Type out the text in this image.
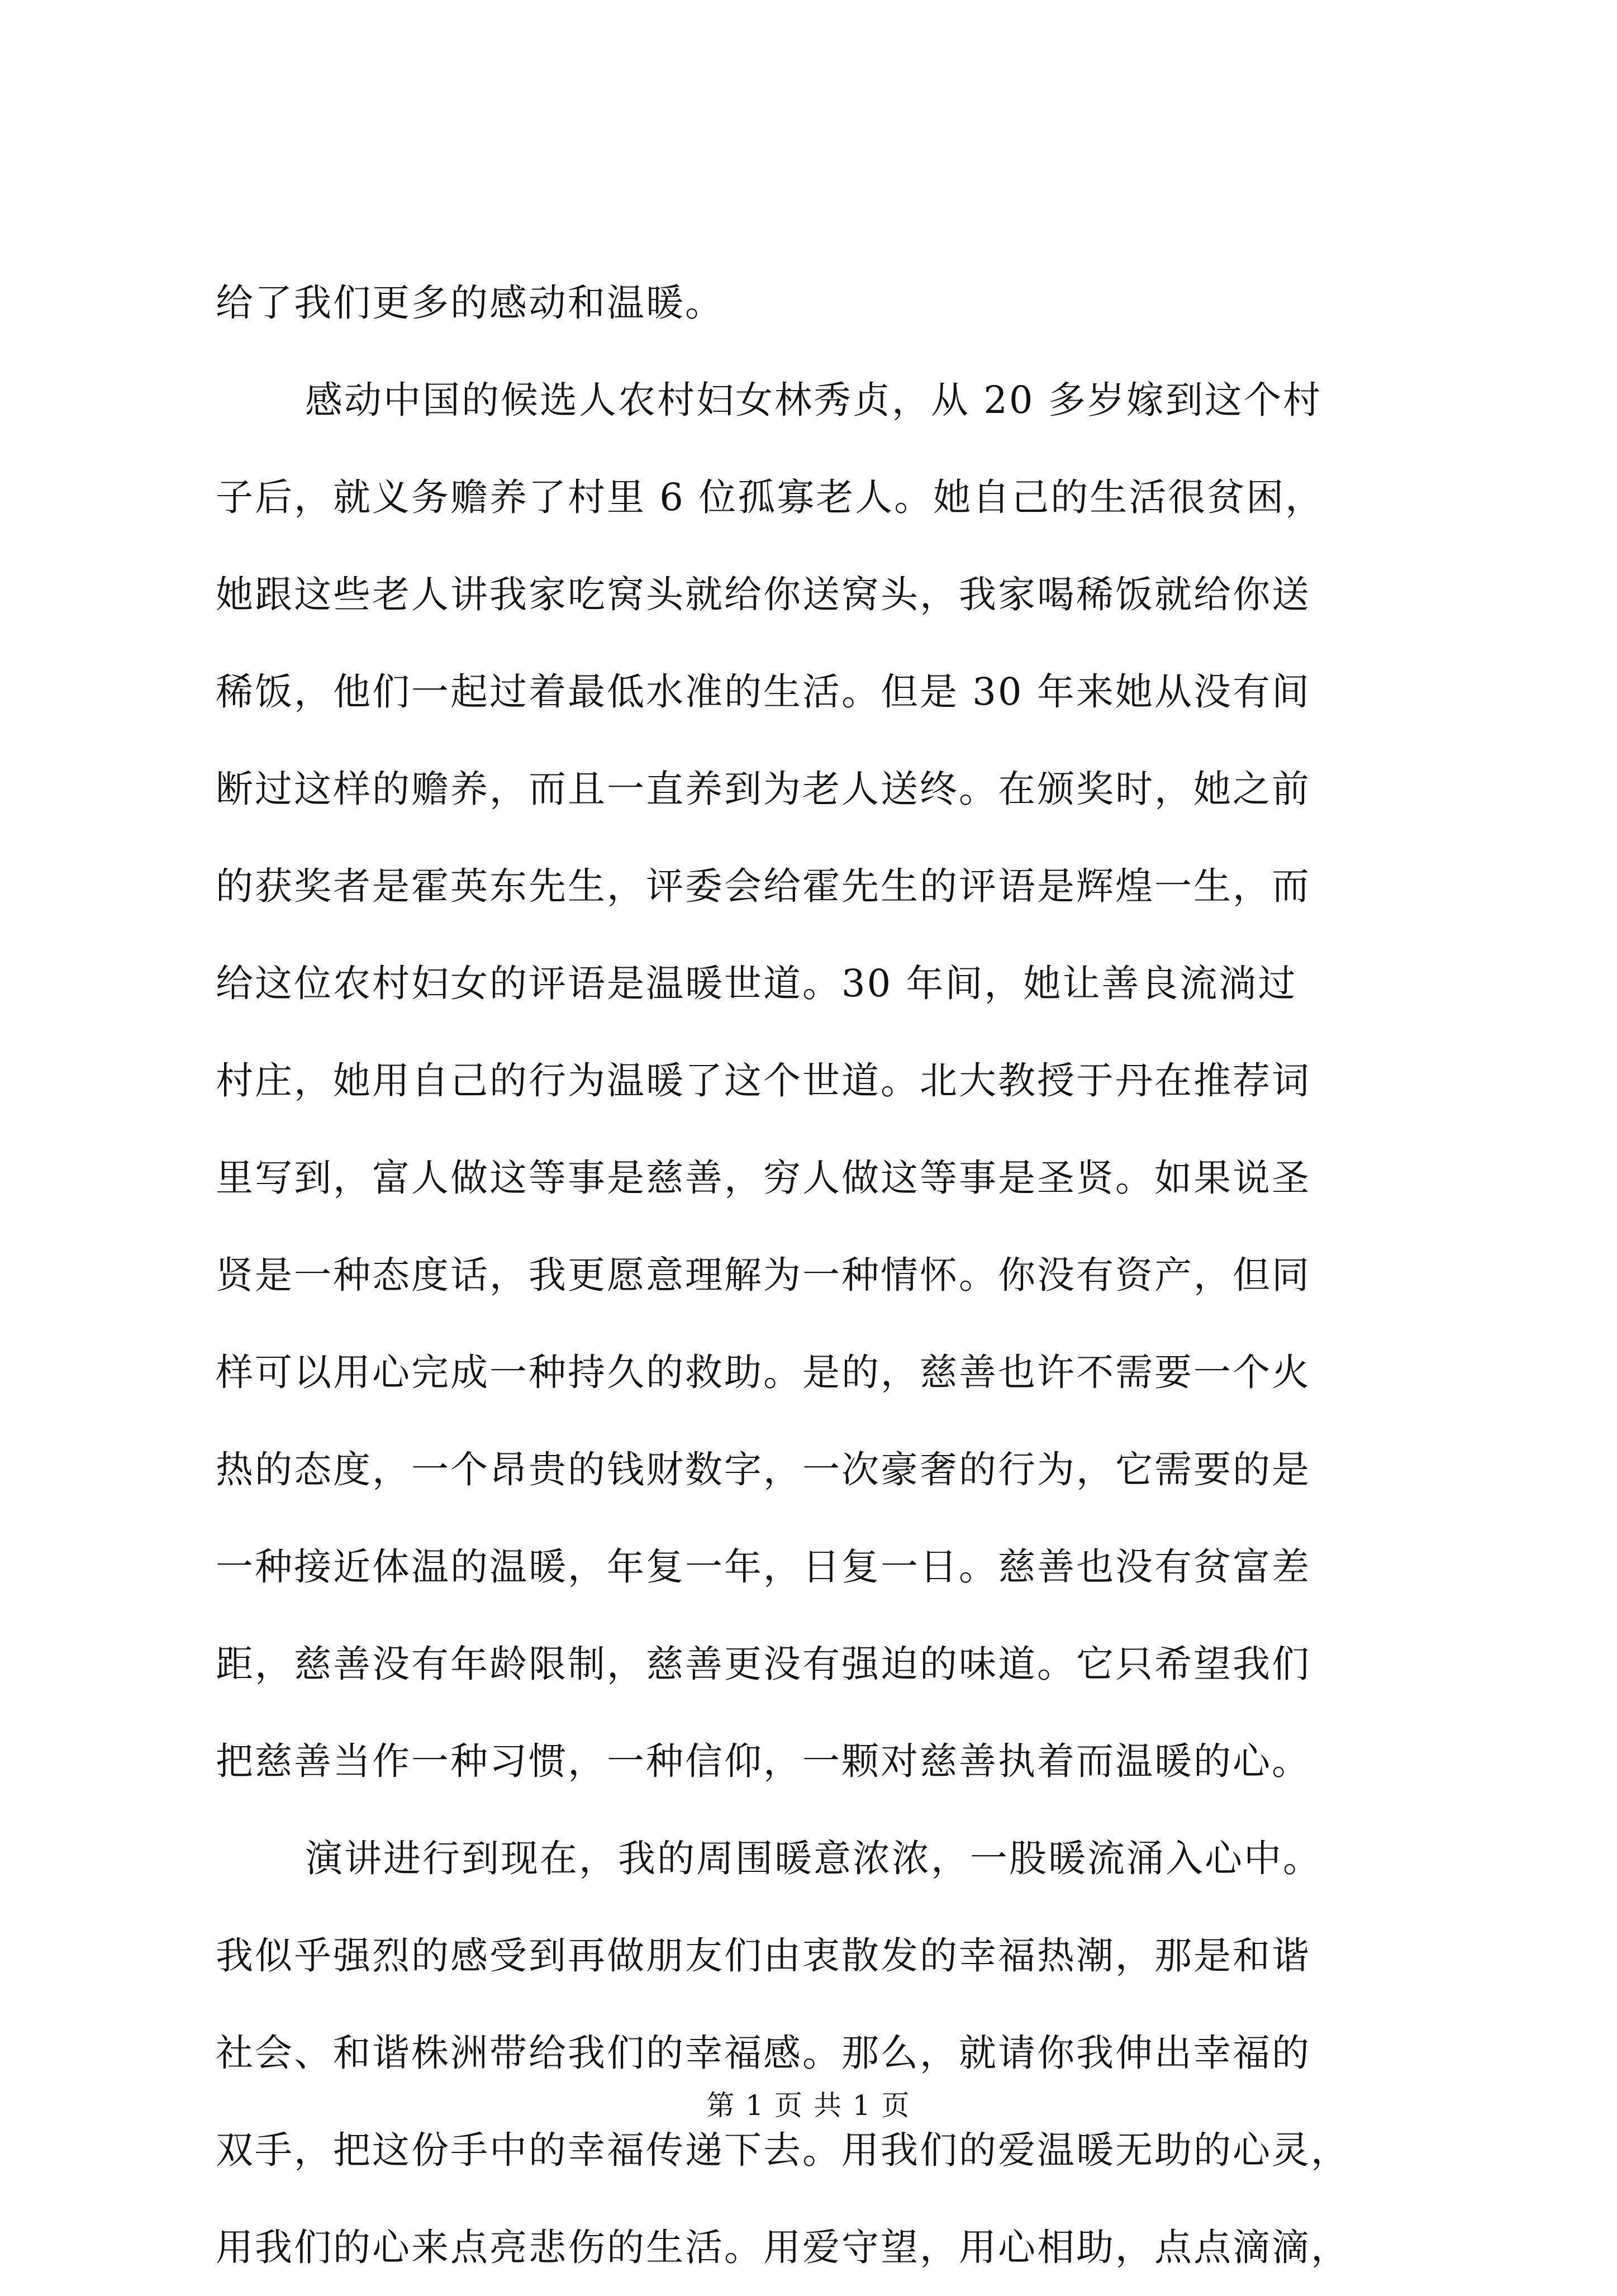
给了我们更多的感动和温暖。
感动中国的候选人农村妇女林秀贞，从 20 多岁嫁到这个村
子后，就义务赡养了村里 6 位孤寡老人。她自己的生活很贫困，
她跟这些老人讲我家吃窝头就给你送窝头，我家喝稀饭就给你送
稀饭，他们一起过着最低水准的生活。但是 30 年来她从没有间
断过这样的赡养，而且一直养到为老人送终。在颁奖时，她之前
的获奖者是霍英东先生，评委会给霍先生的评语是辉煌一生，而
给这位农村妇女的评语是温暖世道。30 年间，她让善良流淌过
村庄，她用自己的行为温暖了这个世道。北大教授于丹在推荐词
里写到，富人做这等事是慈善，穷人做这等事是圣贤。如果说圣
贤是一种态度话，我更愿意理解为一种情怀。你没有资产，但同
样可以用心完成一种持久的救助。是的，慈善也许不需要一个火
热的态度，一个昂贵的钱财数字，一次豪奢的行为，它需要的是
一种接近体温的温暖，年复一年，日复一日。慈善也没有贫富差
距，慈善没有年龄限制，慈善更没有强迫的味道。它只希望我们
把慈善当作一种习惯，一种信仰，一颗对慈善执着而温暖的心。
演讲进行到现在，我的周围暖意浓浓，一股暖流涌入心中。
我似乎强烈的感受到再做朋友们由衷散发的幸福热潮，那是和谐
社会、和谐株洲带给我们的幸福感。那么，就请你我伸出幸福的
双手，把这份手中的幸福传递下去。用我们的爱温暖无助的心灵，
用我们的心来点亮悲伤的生活。用爱守望，用心相助，点点滴滴，
第 1 页 共 1 页
